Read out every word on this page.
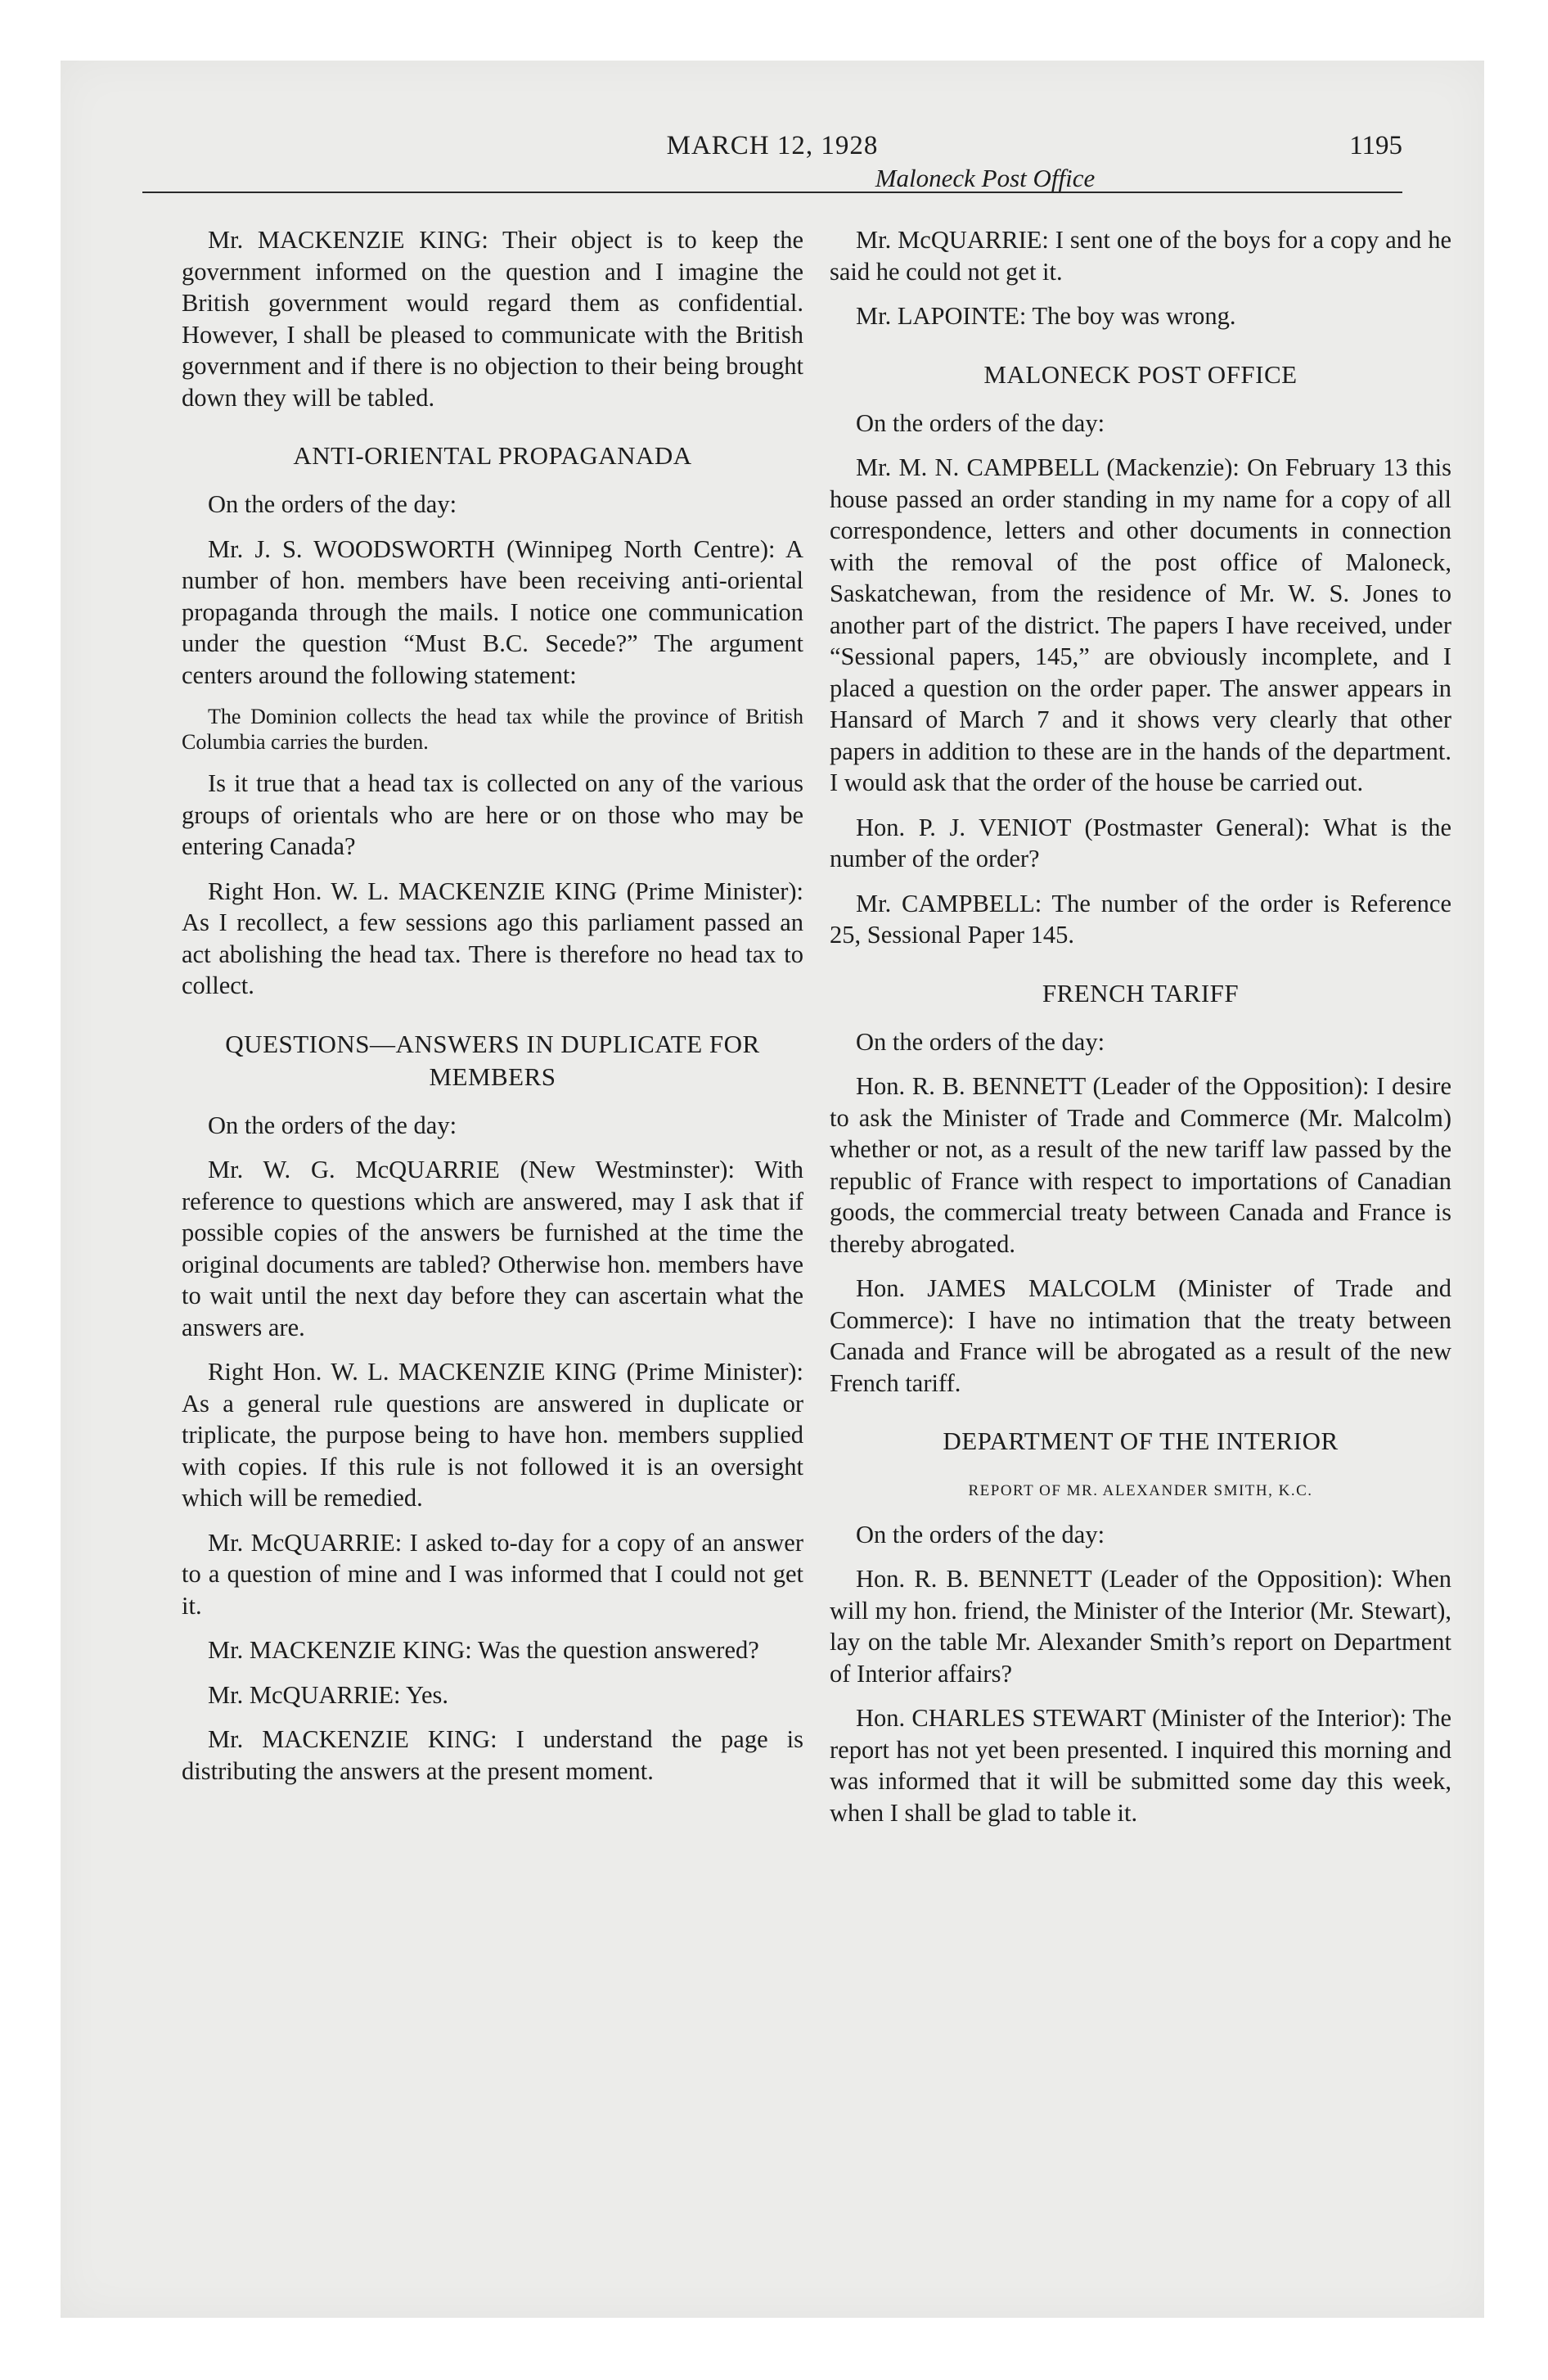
MARCH 12, 1928	1195
Maloneck Post Office

Mr. MACKENZIE KING: Their object is to keep the government informed on the question and I imagine the British government would regard them as confidential. However, I shall be pleased to communicate with the British government and if there is no objection to their being brought down they will be tabled.

ANTI-ORIENTAL PROPAGANADA

On the orders of the day:

Mr. J. S. WOODSWORTH (Winnipeg North Centre): A number of hon. members have been receiving anti-oriental propaganda through the mails. I notice one communication under the question “Must B.C. Secede?” The argument centers around the following statement:

The Dominion collects the head tax while the province of British Columbia carries the burden.

Is it true that a head tax is collected on any of the various groups of orientals who are here or on those who may be entering Canada?

Right Hon. W. L. MACKENZIE KING (Prime Minister): As I recollect, a few sessions ago this parliament passed an act abolishing the head tax. There is therefore no head tax to collect.

QUESTIONS—ANSWERS IN DUPLICATE FOR MEMBERS

On the orders of the day:

Mr. W. G. McQUARRIE (New Westminster): With reference to questions which are answered, may I ask that if possible copies of the answers be furnished at the time the original documents are tabled? Otherwise hon. members have to wait until the next day before they can ascertain what the answers are.

Right Hon. W. L. MACKENZIE KING (Prime Minister): As a general rule questions are answered in duplicate or triplicate, the purpose being to have hon. members supplied with copies. If this rule is not followed it is an oversight which will be remedied.

Mr. McQUARRIE: I asked to-day for a copy of an answer to a question of mine and I was informed that I could not get it.

Mr. MACKENZIE KING: Was the question answered?

Mr. McQUARRIE: Yes.

Mr. MACKENZIE KING: I understand the page is distributing the answers at the present moment.

Mr. McQUARRIE: I sent one of the boys for a copy and he said he could not get it.

Mr. LAPOINTE: The boy was wrong.

MALONECK POST OFFICE

On the orders of the day:

Mr. M. N. CAMPBELL (Mackenzie): On February 13 this house passed an order standing in my name for a copy of all correspondence, letters and other documents in connection with the removal of the post office of Maloneck, Saskatchewan, from the residence of Mr. W. S. Jones to another part of the district. The papers I have received, under “Sessional papers, 145,” are obviously incomplete, and I placed a question on the order paper. The answer appears in Hansard of March 7 and it shows very clearly that other papers in addition to these are in the hands of the department. I would ask that the order of the house be carried out.

Hon. P. J. VENIOT (Postmaster General): What is the number of the order?

Mr. CAMPBELL: The number of the order is Reference 25, Sessional Paper 145.

FRENCH TARIFF

On the orders of the day:

Hon. R. B. BENNETT (Leader of the Opposition): I desire to ask the Minister of Trade and Commerce (Mr. Malcolm) whether or not, as a result of the new tariff law passed by the republic of France with respect to importations of Canadian goods, the commercial treaty between Canada and France is thereby abrogated.

Hon. JAMES MALCOLM (Minister of Trade and Commerce): I have no intimation that the treaty between Canada and France will be abrogated as a result of the new French tariff.

DEPARTMENT OF THE INTERIOR
REPORT OF MR. ALEXANDER SMITH, K.C.

On the orders of the day:

Hon. R. B. BENNETT (Leader of the Opposition): When will my hon. friend, the Minister of the Interior (Mr. Stewart), lay on the table Mr. Alexander Smith’s report on Department of Interior affairs?

Hon. CHARLES STEWART (Minister of the Interior): The report has not yet been presented. I inquired this morning and was informed that it will be submitted some day this week, when I shall be glad to table it.
